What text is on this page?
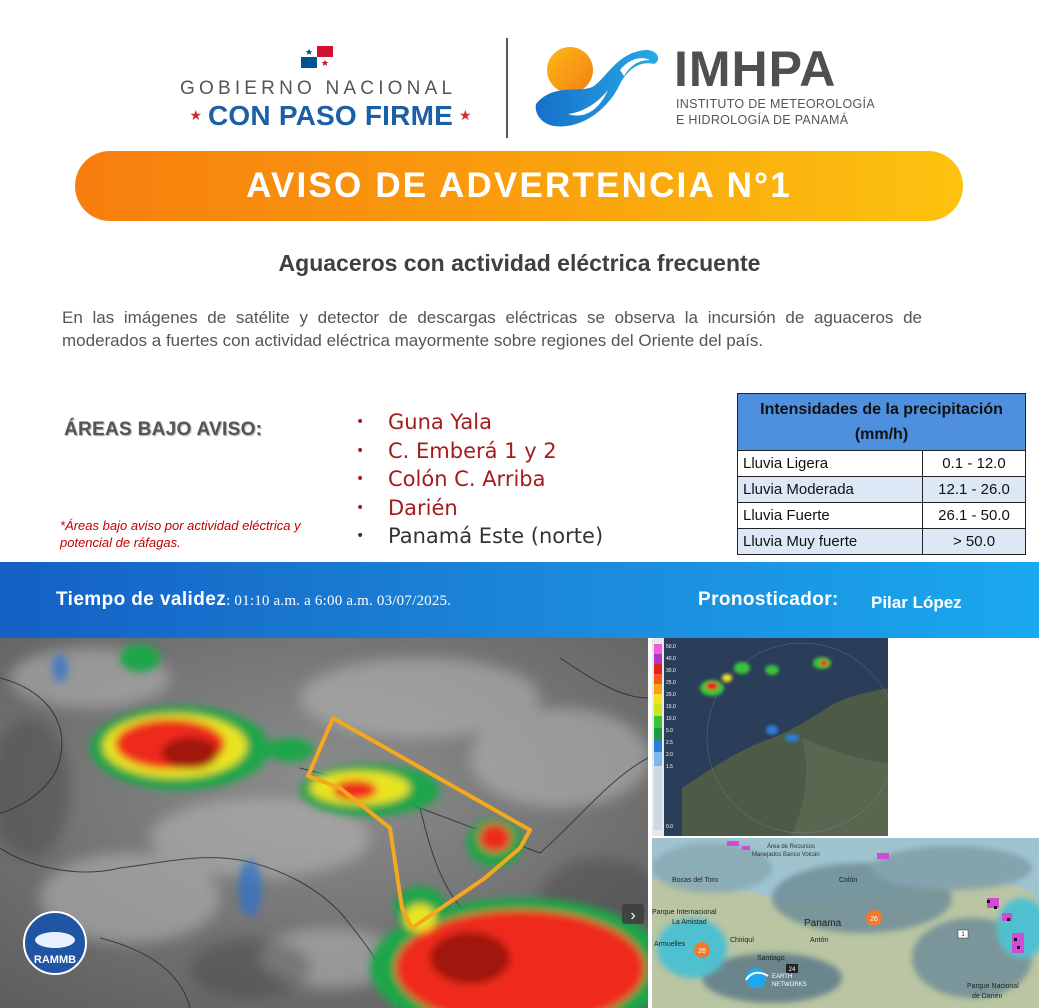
GOBIERNO NACIONAL
★ CON PASO FIRME ★
IMHPA
INSTITUTO DE METEOROLOGÍA
E HIDROLOGÍA DE PANAMÁ
AVISO DE ADVERTENCIA N°1
Aguaceros con actividad eléctrica frecuente
En las imágenes de satélite y detector de descargas eléctricas se observa la incursión de aguaceros de moderados a fuertes con actividad eléctrica mayormente sobre regiones del Oriente del país.
ÁREAS BAJO AVISO:
*Áreas bajo aviso por actividad eléctrica y potencial de ráfagas.
• Guna Yala
• C. Emberá 1 y 2
• Colón C. Arriba
• Darién
• Panamá Este (norte)
Intensidades de la precipitación (mm/h)	
Lluvia Ligera	0.1 - 12.0
Lluvia Moderada	12.1 - 26.0
Lluvia Fuerte	26.1 - 50.0
Lluvia Muy fuerte	> 50.0
Tiempo de validez: 01:10 a.m. a 6:00 a.m. 03/07/2025.	Pronosticador: Pilar López
RAMMB
›
50.0
40.0
30.0
25.0
20.0
15.0
10.0
5.0
2.5
2.0
1.5
0.0
Área de Recursos
Manejados Banco Volcán
Bocas del Toro	Colón
Parque Internacional
La Amistad
Armuelles
Chiriquí
Santiago
Panama
Antón
Parque Nacional
de Darién
26
26
24
1
EARTH
NETWORKS
